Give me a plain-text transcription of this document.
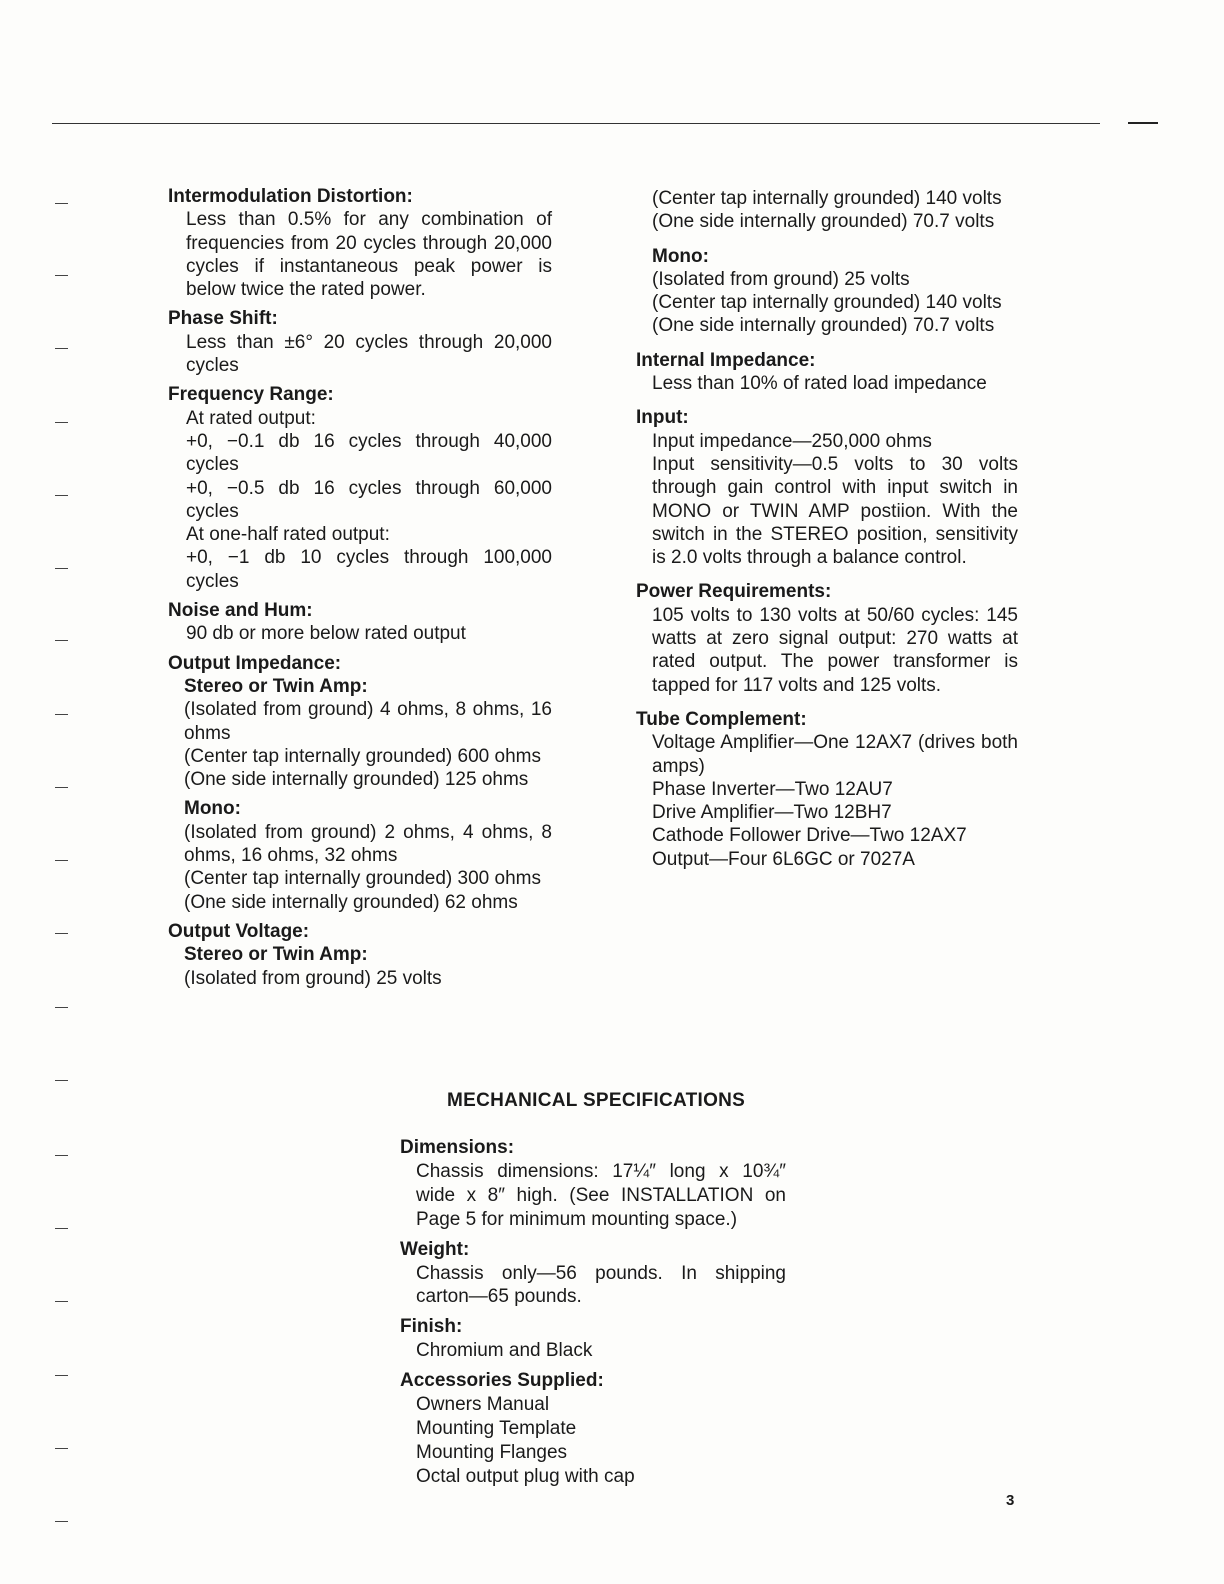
Intermodulation Distortion:
Less than 0.5% for any combination of frequencies from 20 cycles through 20,000 cycles if instantaneous peak power is below twice the rated power.
Phase Shift:
Less than ±6° 20 cycles through 20,000 cycles
Frequency Range:
At rated output:
+0, −0.1 db 16 cycles through 40,000 cycles
+0, −0.5 db 16 cycles through 60,000 cycles
At one-half rated output:
+0, −1 db 10 cycles through 100,000 cycles
Noise and Hum:
90 db or more below rated output
Output Impedance:
Stereo or Twin Amp:
(Isolated from ground) 4 ohms, 8 ohms, 16 ohms
(Center tap internally grounded) 600 ohms
(One side internally grounded) 125 ohms
Mono:
(Isolated from ground) 2 ohms, 4 ohms, 8 ohms, 16 ohms, 32 ohms
(Center tap internally grounded) 300 ohms
(One side internally grounded) 62 ohms
Output Voltage:
Stereo or Twin Amp:
(Isolated from ground) 25 volts
(Center tap internally grounded) 140 volts
(One side internally grounded) 70.7 volts
Mono:
(Isolated from ground) 25 volts
(Center tap internally grounded) 140 volts
(One side internally grounded) 70.7 volts
Internal Impedance:
Less than 10% of rated load impedance
Input:
Input impedance—250,000 ohms
Input sensitivity—0.5 volts to 30 volts through gain control with input switch in MONO or TWIN AMP postiion. With the switch in the STEREO position, sensitivity is 2.0 volts through a balance control.
Power Requirements:
105 volts to 130 volts at 50/60 cycles: 145 watts at zero signal output: 270 watts at rated output. The power transformer is tapped for 117 volts and 125 volts.
Tube Complement:
Voltage Amplifier—One 12AX7 (drives both amps)
Phase Inverter—Two 12AU7
Drive Amplifier—Two 12BH7
Cathode Follower Drive—Two 12AX7
Output—Four 6L6GC or 7027A
MECHANICAL SPECIFICATIONS
Dimensions:
Chassis dimensions: 17¼″ long x 10¾″ wide x 8″ high. (See INSTALLATION on Page 5 for minimum mounting space.)
Weight:
Chassis only—56 pounds. In shipping carton—65 pounds.
Finish:
Chromium and Black
Accessories Supplied:
Owners Manual
Mounting Template
Mounting Flanges
Octal output plug with cap
3
